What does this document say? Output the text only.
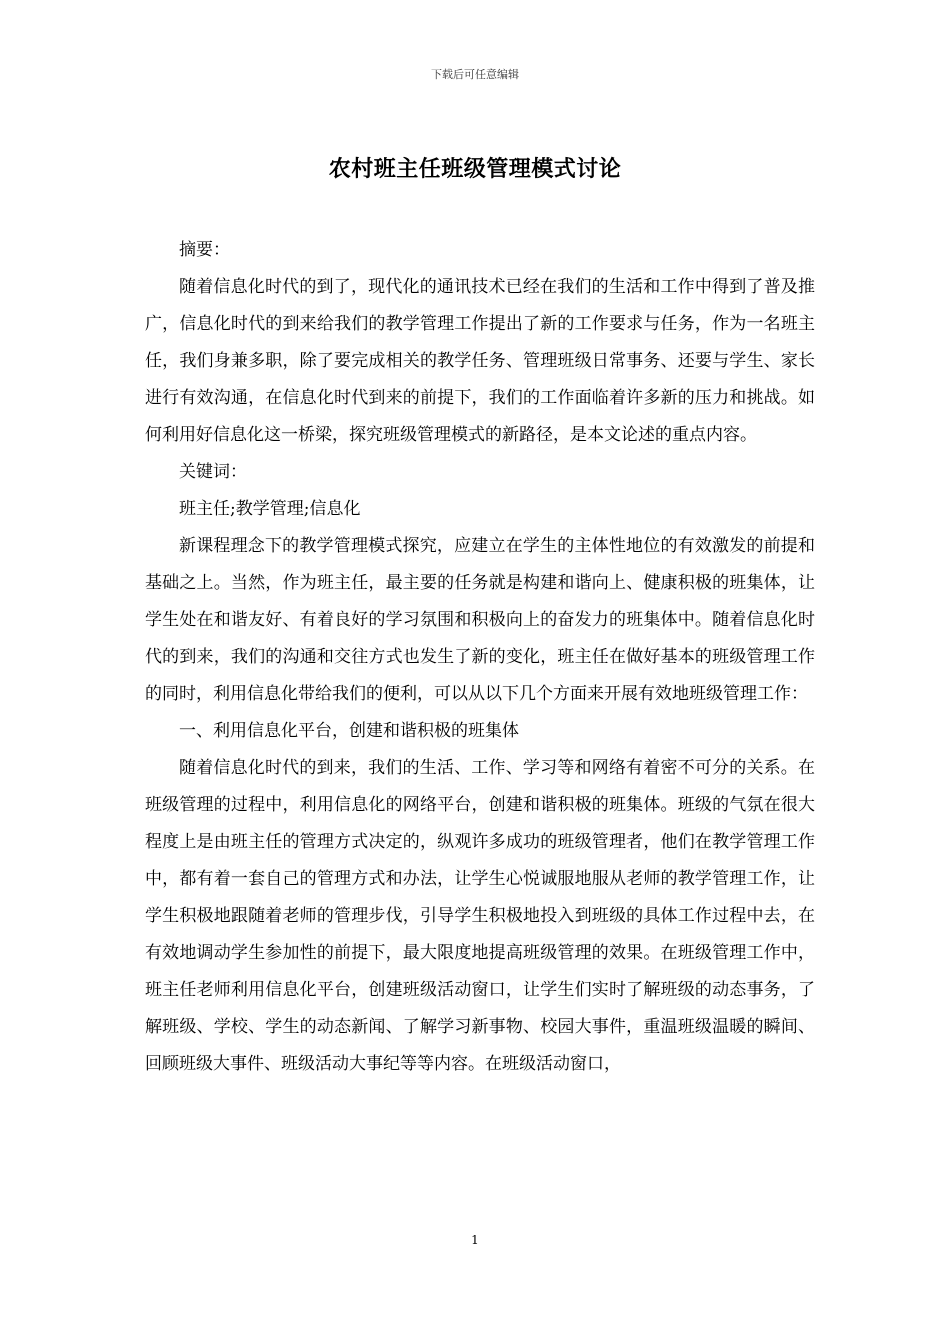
下载后可任意编辑
农村班主任班级管理模式讨论

摘要：

随着信息化时代的到了，现代化的通讯技术已经在我们的生活和工作中得到了普及推广，信息化时代的到来给我们的教学管理工作提出了新的工作要求与任务，作为一名班主任，我们身兼多职，除了要完成相关的教学任务、管理班级日常事务、还要与学生、家长进行有效沟通，在信息化时代到来的前提下，我们的工作面临着许多新的压力和挑战。如何利用好信息化这一桥梁，探究班级管理模式的新路径，是本文论述的重点内容。

关键词：

班主任;教学管理;信息化

新课程理念下的教学管理模式探究，应建立在学生的主体性地位的有效激发的前提和基础之上。当然，作为班主任，最主要的任务就是构建和谐向上、健康积极的班集体，让学生处在和谐友好、有着良好的学习氛围和积极向上的奋发力的班集体中。随着信息化时代的到来，我们的沟通和交往方式也发生了新的变化，班主任在做好基本的班级管理工作的同时，利用信息化带给我们的便利，可以从以下几个方面来开展有效地班级管理工作：

一、利用信息化平台，创建和谐积极的班集体

随着信息化时代的到来，我们的生活、工作、学习等和网络有着密不可分的关系。在班级管理的过程中，利用信息化的网络平台，创建和谐积极的班集体。班级的气氛在很大程度上是由班主任的管理方式决定的，纵观许多成功的班级管理者，他们在教学管理工作中，都有着一套自己的管理方式和办法，让学生心悦诚服地服从老师的教学管理工作，让学生积极地跟随着老师的管理步伐，引导学生积极地投入到班级的具体工作过程中去，在有效地调动学生参加性的前提下，最大限度地提高班级管理的效果。在班级管理工作中，班主任老师利用信息化平台，创建班级活动窗口，让学生们实时了解班级的动态事务，了解班级、学校、学生的动态新闻、了解学习新事物、校园大事件，重温班级温暖的瞬间、回顾班级大事件、班级活动大事纪等等内容。在班级活动窗口，

1
